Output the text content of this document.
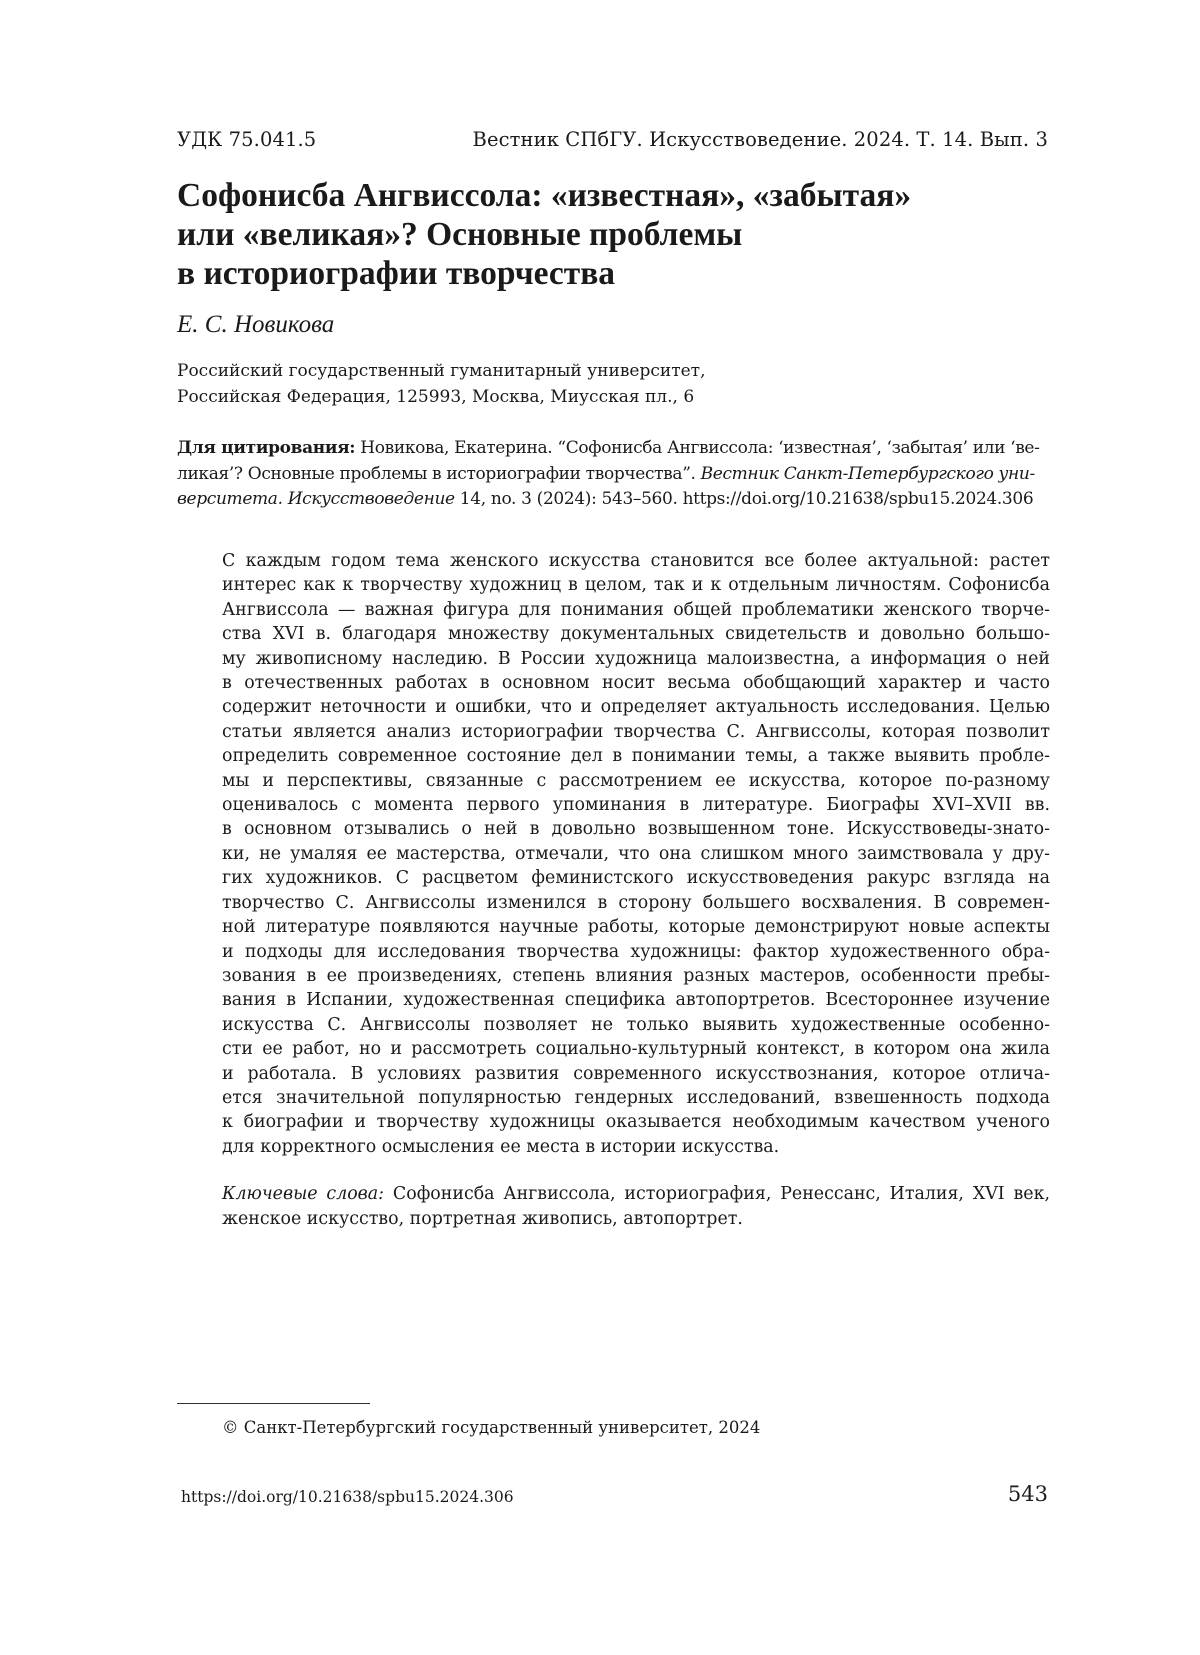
УДК 75.041.5	Вестник СПбГУ. Искусствоведение. 2024. Т. 14. Вып. 3
Софонисба Ангвиссола: «известная», «забытая»
или «великая»? Основные проблемы
в историографии творчества
Е. С. Новикова
Российский государственный гуманитарный университет,
Российская Федерация, 125993, Москва, Миусская пл., 6
Для цитирования: Новикова, Екатерина. “Софонисба Ангвиссола: ‘известная’, ‘забытая’ или ‘ве-
ликая’? Основные проблемы в историографии творчества”. Вестник Санкт-Петербургского уни-
верситета. Искусствоведение 14, no. 3 (2024): 543–560. https://doi.org/10.21638/spbu15.2024.306
С каждым годом тема женского искусства становится все более актуальной: растет
интерес как к творчеству художниц в целом, так и к отдельным личностям. Софонисба
Ангвиссола — важная фигура для понимания общей проблематики женского творче-
ства XVI в. благодаря множеству документальных свидетельств и довольно большо-
му живописному наследию. В России художница малоизвестна, а информация о ней
в отечественных работах в основном носит весьма обобщающий характер и часто
содержит неточности и ошибки, что и определяет актуальность исследования. Целью
статьи является анализ историографии творчества С. Ангвиссолы, которая позволит
определить современное состояние дел в понимании темы, а также выявить пробле-
мы и перспективы, связанные с рассмотрением ее искусства, которое по-разному
оценивалось с момента первого упоминания в литературе. Биографы XVI–XVII вв.
в основном отзывались о ней в довольно возвышенном тоне. Искусствоведы-знато-
ки, не умаляя ее мастерства, отмечали, что она слишком много заимствовала у дру-
гих художников. С расцветом феминистского искусствоведения ракурс взгляда на
творчество С. Ангвиссолы изменился в сторону большего восхваления. В современ-
ной литературе появляются научные работы, которые демонстрируют новые аспекты
и подходы для исследования творчества художницы: фактор художественного обра-
зования в ее произведениях, степень влияния разных мастеров, особенности пребы-
вания в Испании, художественная специфика автопортретов. Всестороннее изучение
искусства С. Ангвиссолы позволяет не только выявить художественные особенно-
сти ее работ, но и рассмотреть социально-культурный контекст, в котором она жила
и работала. В условиях развития современного искусствознания, которое отлича-
ется значительной популярностью гендерных исследований, взвешенность подхода
к биографии и творчеству художницы оказывается необходимым качеством ученого
для корректного осмысления ее места в истории искусства.
Ключевые слова: Софонисба Ангвиссола, историография, Ренессанс, Италия, XVI век,
женское искусство, портретная живопись, автопортрет.
© Санкт-Петербургский государственный университет, 2024
https://doi.org/10.21638/spbu15.2024.306	543
